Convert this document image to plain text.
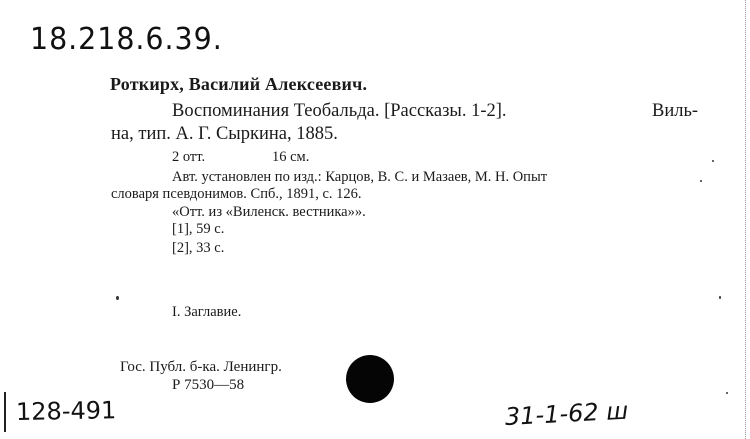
18.218.6.39.
Роткирх, Василий Алексеевич.
Воспоминания Теобальда. [Рассказы. 1-2].	Виль-
на, тип. А. Г. Сыркина, 1885.
2 отт.	16 см.
Авт. установлен по изд.: Карцов, В. С. и Мазаев, М. Н. Опыт
словаря псевдонимов. Спб., 1891, с. 126.
«Отт. из «Виленск. вестника»».
[1], 59 с.
[2], 33 с.
I. Заглавие.
Гос. Публ. б-ка. Ленингр.
Р 7530—58
128-491	31-1-62 ш
